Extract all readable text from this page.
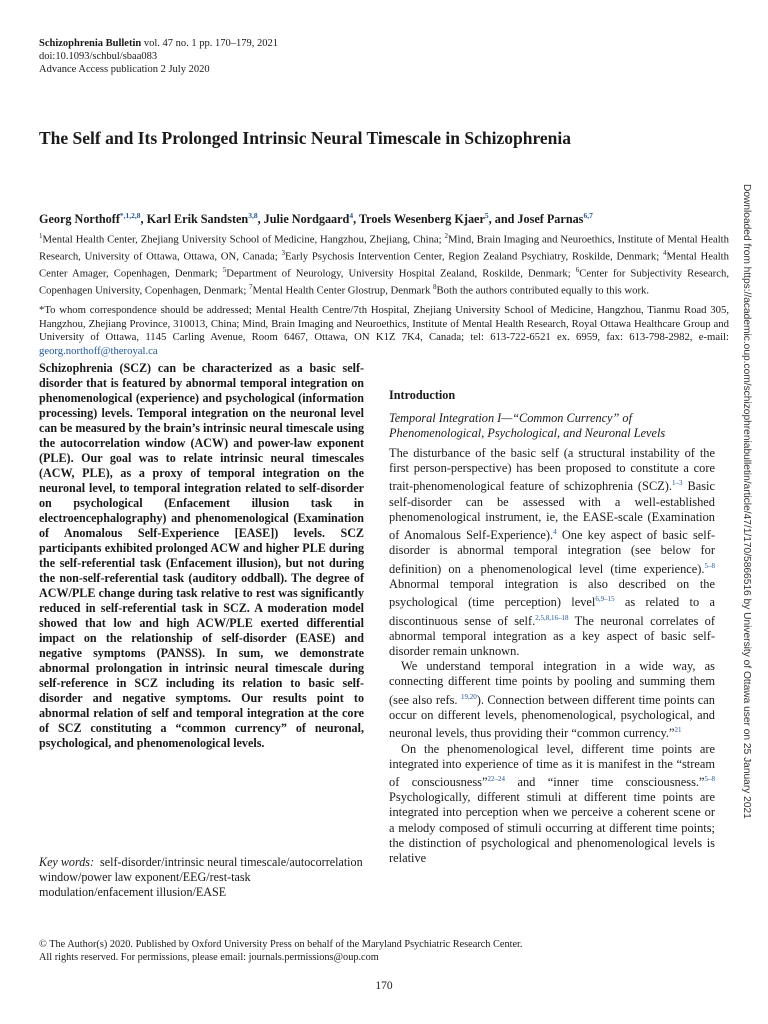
Schizophrenia Bulletin vol. 47 no. 1 pp. 170–179, 2021
doi:10.1093/schbul/sbaa083
Advance Access publication 2 July 2020
The Self and Its Prolonged Intrinsic Neural Timescale in Schizophrenia
Georg Northoff$^{*,1,2,8}$, Karl Erik Sandsten$^{3,8}$, Julie Nordgaard$^4$, Troels Wesenberg Kjaer$^5$, and Josef Parnas$^{6,7}$

$^1$Mental Health Center, Zhejiang University School of Medicine, Hangzhou, Zhejiang, China; $^2$Mind, Brain Imaging and Neuroethics, Institute of Mental Health Research, University of Ottawa, Ottawa, ON, Canada; $^3$Early Psychosis Intervention Center, Region Zealand Psychiatry, Roskilde, Denmark; $^4$Mental Health Center Amager, Copenhagen, Denmark; $^5$Department of Neurology, University Hospital Zealand, Roskilde, Denmark; $^6$Center for Subjectivity Research, Copenhagen University, Copenhagen, Denmark; $^7$Mental Health Center Glostrup, Denmark $^8$Both the authors contributed equally to this work.

*To whom correspondence should be addressed; Mental Health Centre/7th Hospital, Zhejiang University School of Medicine, Hangzhou, Tianmu Road 305, Hangzhou, Zhejiang Province, 310013, China; Mind, Brain Imaging and Neuroethics, Institute of Mental Health Research, Royal Ottawa Healthcare Group and University of Ottawa, 1145 Carling Avenue, Room 6467, Ottawa, ON K1Z 7K4, Canada; tel: 613-722-6521 ex. 6959, fax: 613-798-2982, e-mail: georg.northoff@theroyal.ca

Schizophrenia (SCZ) can be characterized as a basic self-disorder that is featured by abnormal temporal integration on phenomenological (experience) and psychological (information processing) levels. Temporal integration on the neuronal level can be measured by the brain’s intrinsic neural timescale using the autocorrelation window (ACW) and power-law exponent (PLE). Our goal was to relate intrinsic neural timescales (ACW, PLE), as a proxy of temporal integration on the neuronal level, to temporal integration related to self-disorder on psychological (Enfacement illusion task in electroencephalography) and phenomenological (Examination of Anomalous Self-Experience [EASE]) levels. SCZ participants exhibited prolonged ACW and higher PLE during the self-referential task (Enfacement illusion), but not during the non-self-referential task (auditory oddball). The degree of ACW/PLE change during task relative to rest was significantly reduced in self-referential task in SCZ. A moderation model showed that low and high ACW/PLE exerted differential impact on the relationship of self-disorder (EASE) and negative symptoms (PANSS). In sum, we demonstrate abnormal prolongation in intrinsic neural timescale during self-reference in SCZ including its relation to basic self-disorder and negative symptoms. Our results point to abnormal relation of self and temporal integration at the core of SCZ constituting a “common currency” of neuronal, psychological, and phenomenological levels.

Key words: self-disorder/intrinsic neural timescale/autocorrelation window/power law exponent/EEG/rest-task modulation/enfacement illusion/EASE

Introduction
Temporal Integration I—“Common Currency” of Phenomenological, Psychological, and Neuronal Levels

The disturbance of the basic self (a structural instability of the first person-perspective) has been proposed to constitute a core trait-phenomenological feature of schizophrenia (SCZ).$^{1-3}$ Basic self-disorder can be assessed with a well-established phenomenological instrument, ie, the EASE-scale (Examination of Anomalous Self-Experience).$^4$ One key aspect of basic self-disorder is abnormal temporal integration (see below for definition) on a phenomenological level (time experience).$^{5-8}$ Abnormal temporal integration is also described on the psychological (time perception) level$^{6,9-15}$ as related to a discontinuous sense of self.$^{2,5,8,16-18}$ The neuronal correlates of abnormal temporal integration as a key aspect of basic self-disorder remain unknown.

We understand temporal integration in a wide way, as connecting different time points by pooling and summing them (see also refs. $^{19,20}$). Connection between different time points can occur on different levels, phenomenological, psychological, and neuronal levels, thus providing their “common currency.”$^{21}$

On the phenomenological level, different time points are integrated into experience of time as it is manifest in the “stream of consciousness”$^{22-24}$ and “inner time consciousness.”$^{5-8}$ Psychologically, different stimuli at different time points are integrated into perception when we perceive a coherent scene or a melody composed of stimuli occurring at different time points; the distinction of psychological and phenomenological levels is relative

Downloaded from https://academic.oup.com/schizophreniabulletin/article/47/1/170/5866516 by University of Ottawa user on 25 January 2021
© The Author(s) 2020. Published by Oxford University Press on behalf of the Maryland Psychiatric Research Center.
All rights reserved. For permissions, please email: journals.permissions@oup.com
170
